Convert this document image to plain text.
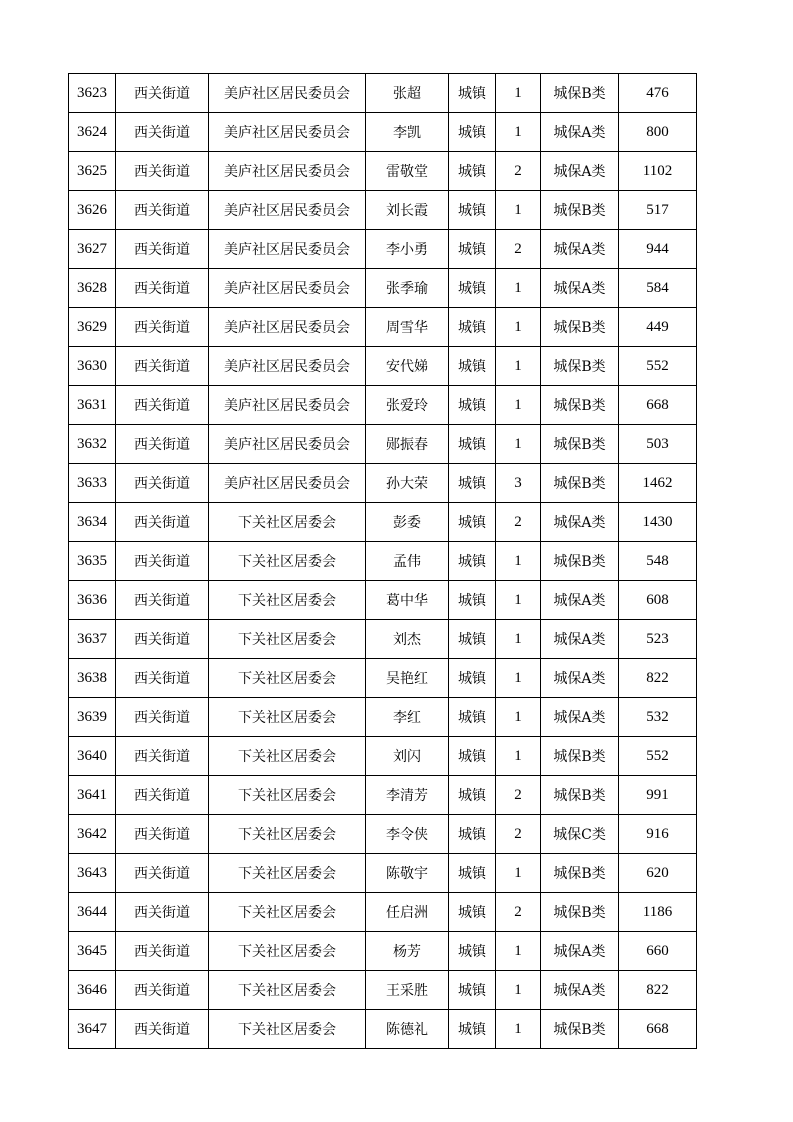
3623	西关街道	美庐社区居民委员会	张超	城镇	1	城保B类	476
3624	西关街道	美庐社区居民委员会	李凯	城镇	1	城保A类	800
3625	西关街道	美庐社区居民委员会	雷敬堂	城镇	2	城保A类	1102
3626	西关街道	美庐社区居民委员会	刘长霞	城镇	1	城保B类	517
3627	西关街道	美庐社区居民委员会	李小勇	城镇	2	城保A类	944
3628	西关街道	美庐社区居民委员会	张季瑜	城镇	1	城保A类	584
3629	西关街道	美庐社区居民委员会	周雪华	城镇	1	城保B类	449
3630	西关街道	美庐社区居民委员会	安代娣	城镇	1	城保B类	552
3631	西关街道	美庐社区居民委员会	张爱玲	城镇	1	城保B类	668
3632	西关街道	美庐社区居民委员会	郧振春	城镇	1	城保B类	503
3633	西关街道	美庐社区居民委员会	孙大荣	城镇	3	城保B类	1462
3634	西关街道	下关社区居委会	彭委	城镇	2	城保A类	1430
3635	西关街道	下关社区居委会	孟伟	城镇	1	城保B类	548
3636	西关街道	下关社区居委会	葛中华	城镇	1	城保A类	608
3637	西关街道	下关社区居委会	刘杰	城镇	1	城保A类	523
3638	西关街道	下关社区居委会	吴艳红	城镇	1	城保A类	822
3639	西关街道	下关社区居委会	李红	城镇	1	城保A类	532
3640	西关街道	下关社区居委会	刘闪	城镇	1	城保B类	552
3641	西关街道	下关社区居委会	李清芳	城镇	2	城保B类	991
3642	西关街道	下关社区居委会	李令侠	城镇	2	城保C类	916
3643	西关街道	下关社区居委会	陈敬宇	城镇	1	城保B类	620
3644	西关街道	下关社区居委会	任启洲	城镇	2	城保B类	1186
3645	西关街道	下关社区居委会	杨芳	城镇	1	城保A类	660
3646	西关街道	下关社区居委会	王采胜	城镇	1	城保A类	822
3647	西关街道	下关社区居委会	陈德礼	城镇	1	城保B类	668
